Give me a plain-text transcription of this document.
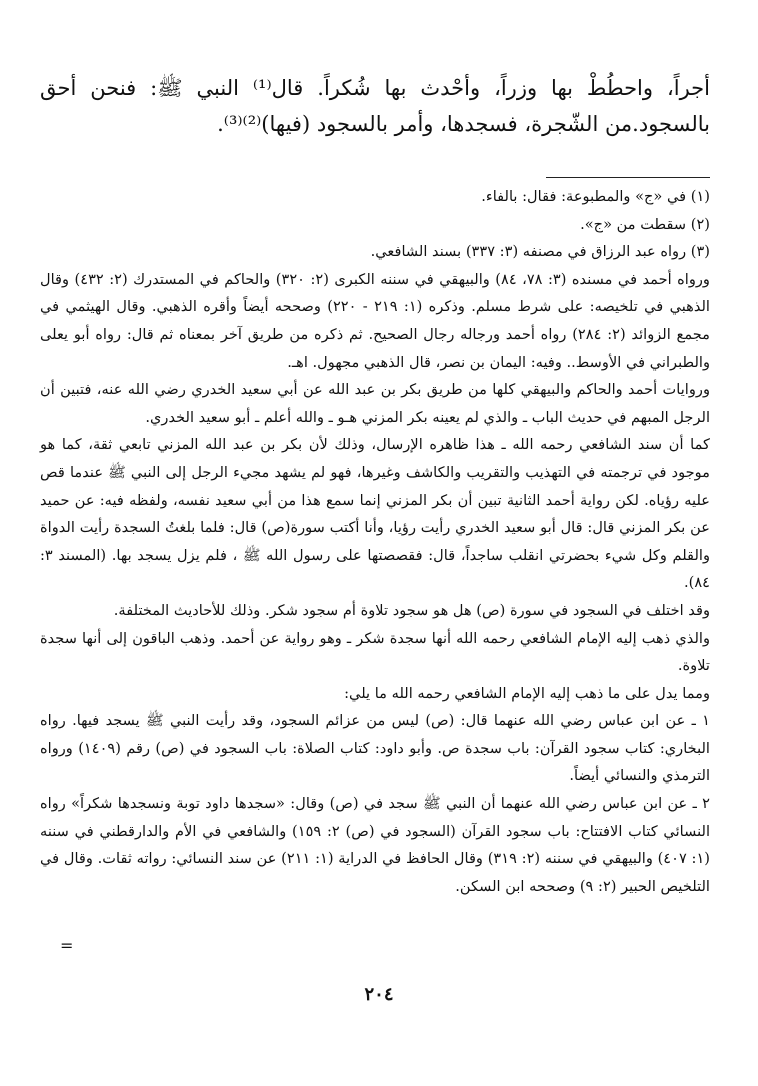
أجراً، واحطُطْ بها وزراً، وأحْدث بها شُكراً. قال⁽¹⁾ النبي ﷺ: فنحن أحق بالسجود.من الشّجرة، فسجدها، وأمر بالسجود (فيها)⁽²⁾⁽³⁾.

(١) في «ج» والمطبوعة: فقال: بالفاء.

(٢) سقطت من «ج».

(٣) رواه عبد الرزاق في مصنفه (٣: ٣٣٧) بسند الشافعي.

ورواه أحمد في مسنده (٣: ٧٨، ٨٤) والبيهقي في سننه الكبرى (٢: ٣٢٠) والحاكم في المستدرك (٢: ٤٣٢) وقال الذهبي في تلخيصه: على شرط مسلم. وذكره (١: ٢١٩ - ٢٢٠) وصححه أيضاً وأقره الذهبي. وقال الهيثمي في مجمع الزوائد (٢: ٢٨٤) رواه أحمد ورجاله رجال الصحيح. ثم ذكره من طريق آخر بمعناه ثم قال: رواه أبو يعلى والطبراني في الأوسط.. وفيه: اليمان بن نصر، قال الذهبي مجهول. اهـ.

وروايات أحمد والحاكم والبيهقي كلها من طريق بكر بن عبد الله عن أبي سعيد الخدري رضي الله عنه، فتبين أن الرجل المبهم في حديث الباب ـ والذي لم يعينه بكر المزني هـو ـ والله أعلم ـ أبو سعيد الخدري.

كما أن سند الشافعي رحمه الله ـ هذا ظاهره الإرسال، وذلك لأن بكر بن عبد الله المزني تابعي ثقة، كما هو موجود في ترجمته في التهذيب والتقريب والكاشف وغيرها، فهو لم يشهد مجيء الرجل إلى النبي ﷺ عندما قص عليه رؤياه. لكن رواية أحمد الثانية تبين أن بكر المزني إنما سمع هذا من أبي سعيد نفسه، ولفظه فيه: عن حميد عن بكر المزني قال: قال أبو سعيد الخدري رأيت رؤيا، وأنا أكتب سورة(ص) قال: فلما بلغتُ السجدة رأيت الدواة والقلم وكل شيء بحضرتي انقلب ساجداً، قال: فقصصتها على رسول الله ﷺ ، فلم يزل يسجد بها. (المسند ٣: ٨٤).

وقد اختلف في السجود في سورة (ص) هل هو سجود تلاوة أم سجود شكر. وذلك للأحاديث المختلفة.

والذي ذهب إليه الإمام الشافعي رحمه الله أنها سجدة شكر ـ وهو رواية عن أحمد. وذهب الباقون إلى أنها سجدة تلاوة.

ومما يدل على ما ذهب إليه الإمام الشافعي رحمه الله ما يلي:

١ ـ عن ابن عباس رضي الله عنهما قال: (ص) ليس من عزائم السجود، وقد رأيت النبي ﷺ يسجد فيها. رواه البخاري: كتاب سجود القرآن: باب سجدة ص. وأبو داود: كتاب الصلاة: باب السجود في (ص) رقم (١٤٠٩) ورواه الترمذي والنسائي أيضاً.

٢ ـ عن ابن عباس رضي الله عنهما أن النبي ﷺ سجد في (ص) وقال: «سجدها داود توبة ونسجدها شكراً» رواه النسائي كتاب الافتتاح: باب سجود القرآن (السجود في (ص) ٢: ١٥٩) والشافعي في الأم والدارقطني في سننه (١: ٤٠٧) والبيهقي في سننه (٢: ٣١٩) وقال الحافظ في الدراية (١: ٢١١) عن سند النسائي: رواته ثقات. وقال في التلخيص الحبير (٢: ٩) وصححه ابن السكن.

=
٢٠٤
